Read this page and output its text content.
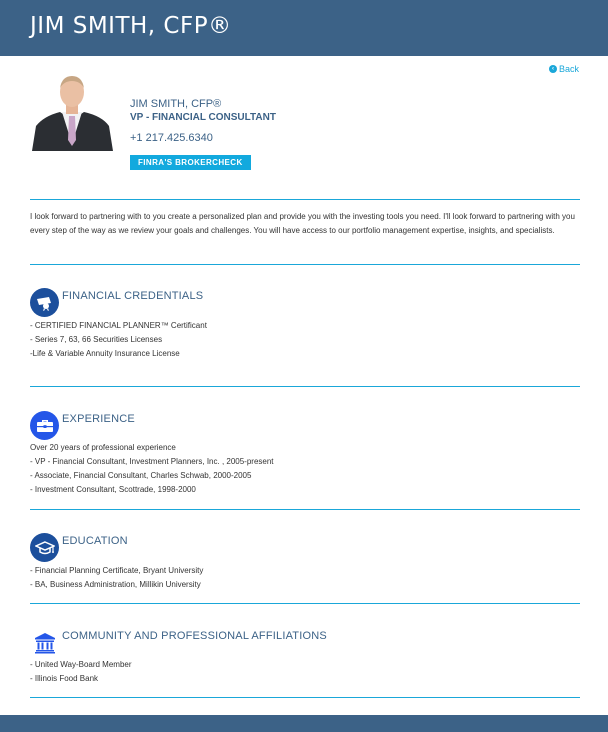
JIM SMITH, CFP®
‹ Back
JIM SMITH, CFP®
VP - FINANCIAL CONSULTANT
+1 217.425.6340
FINRA'S BROKERCHECK
I look forward to partnering with to you create a personalized plan and provide you with the investing tools you need. I'll look forward to partnering with you every step of the way as we review your goals and challenges. You will have access to our portfolio management expertise, insights, and specialists.
FINANCIAL CREDENTIALS
- CERTIFIED FINANCIAL PLANNER™ Certificant
- Series 7, 63, 66 Securities Licenses
-Life & Variable Annuity Insurance License
EXPERIENCE
Over 20 years of professional experience
- VP - Financial Consultant, Investment Planners, Inc. , 2005-present
- Associate, Financial Consultant, Charles Schwab, 2000-2005
- Investment Consultant, Scottrade, 1998-2000
EDUCATION
- Financial Planning Certificate, Bryant University
- BA, Business Administration, Millikin University
COMMUNITY AND PROFESSIONAL AFFILIATIONS
- United Way-Board Member
- Illinois Food Bank
